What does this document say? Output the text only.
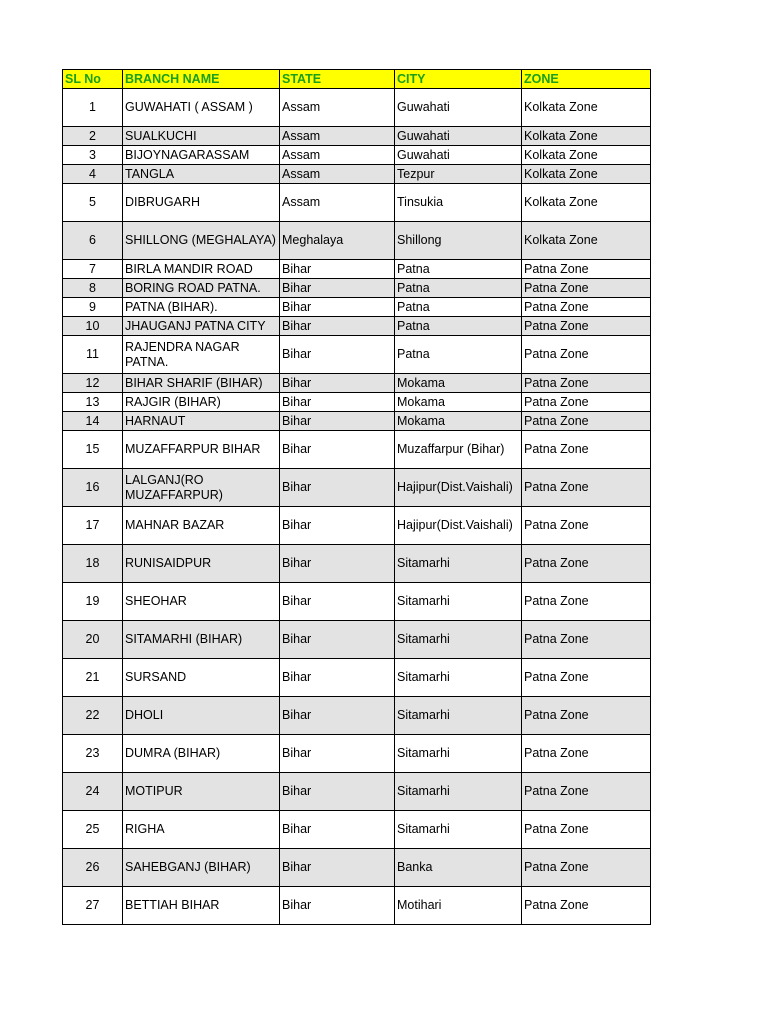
SL No	BRANCH NAME	STATE	CITY	ZONE
1	GUWAHATI ( ASSAM )	Assam	Guwahati	Kolkata Zone
2	SUALKUCHI	Assam	Guwahati	Kolkata Zone
3	BIJOYNAGARASSAM	Assam	Guwahati	Kolkata Zone
4	TANGLA	Assam	Tezpur	Kolkata Zone
5	DIBRUGARH	Assam	Tinsukia	Kolkata Zone
6	SHILLONG (MEGHALAYA)	Meghalaya	Shillong	Kolkata Zone
7	BIRLA MANDIR ROAD	Bihar	Patna	Patna Zone
8	BORING ROAD PATNA.	Bihar	Patna	Patna Zone
9	PATNA (BIHAR).	Bihar	Patna	Patna Zone
10	JHAUGANJ PATNA CITY	Bihar	Patna	Patna Zone
11	RAJENDRA NAGAR PATNA.	Bihar	Patna	Patna Zone
12	BIHAR SHARIF (BIHAR)	Bihar	Mokama	Patna Zone
13	RAJGIR (BIHAR)	Bihar	Mokama	Patna Zone
14	HARNAUT	Bihar	Mokama	Patna Zone
15	MUZAFFARPUR BIHAR	Bihar	Muzaffarpur (Bihar)	Patna Zone
16	LALGANJ(RO MUZAFFARPUR)	Bihar	Hajipur(Dist.Vaishali)	Patna Zone
17	MAHNAR BAZAR	Bihar	Hajipur(Dist.Vaishali)	Patna Zone
18	RUNISAIDPUR	Bihar	Sitamarhi	Patna Zone
19	SHEOHAR	Bihar	Sitamarhi	Patna Zone
20	SITAMARHI (BIHAR)	Bihar	Sitamarhi	Patna Zone
21	SURSAND	Bihar	Sitamarhi	Patna Zone
22	DHOLI	Bihar	Sitamarhi	Patna Zone
23	DUMRA (BIHAR)	Bihar	Sitamarhi	Patna Zone
24	MOTIPUR	Bihar	Sitamarhi	Patna Zone
25	RIGHA	Bihar	Sitamarhi	Patna Zone
26	SAHEBGANJ (BIHAR)	Bihar	Banka	Patna Zone
27	BETTIAH BIHAR	Bihar	Motihari	Patna Zone
